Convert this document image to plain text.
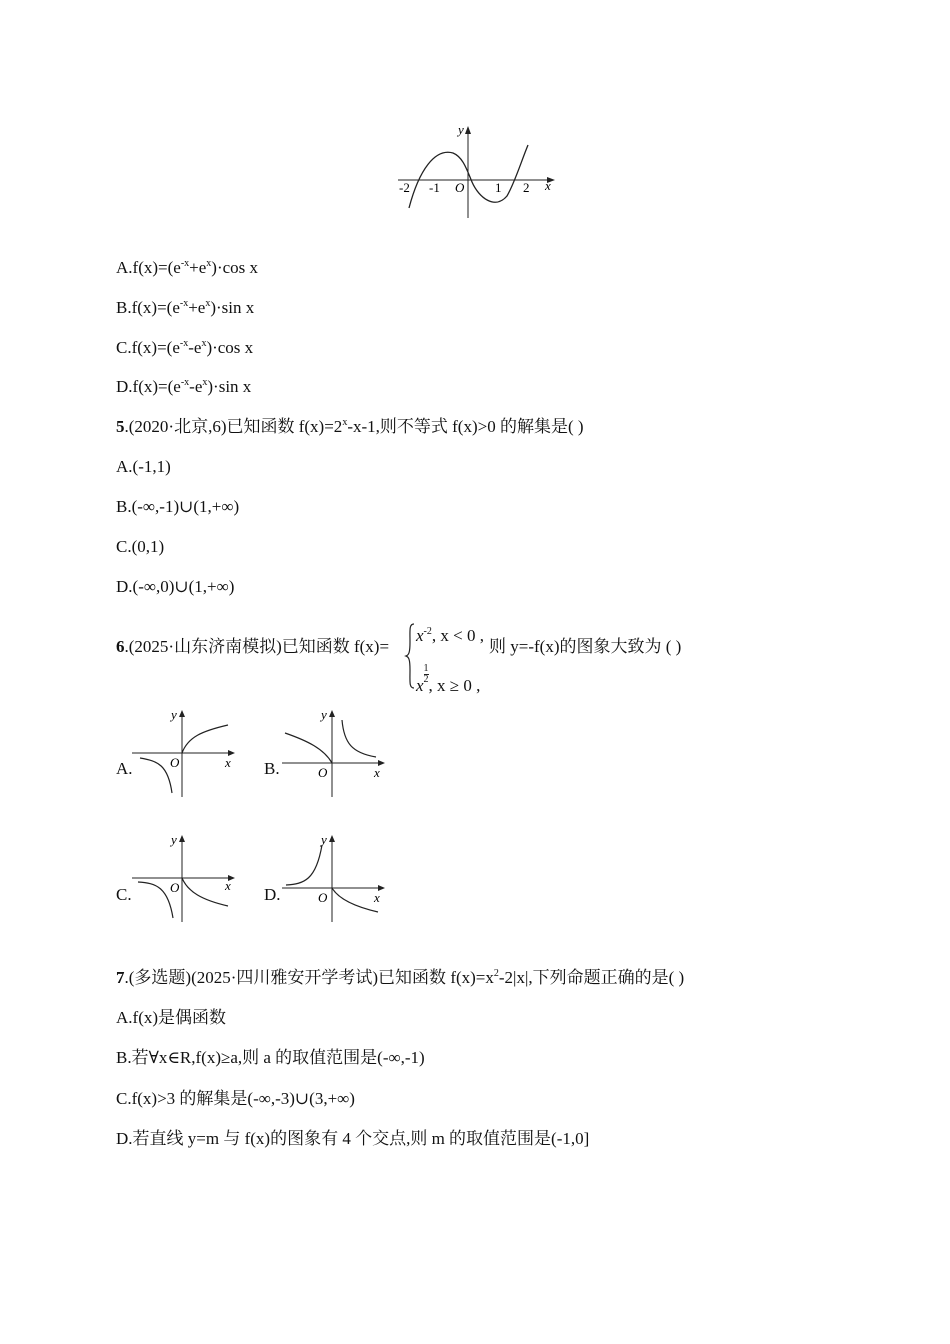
-2 -1 O 1 2 x
y
$A.f(x)=(e^{-x}+e^x)\cdot\cos$ x
$B.f(x)=(e^{-x}+e^x)\cdot\sin$ x
$C.f(x)=(e^{-x}-e^x)\cdot\cos$ x
$D.f(x)=(e^{-x}-e^x)\cdot\sin$ x
5.(2020·北京,6)已知函数 $f(x)=2^x-x-1$,则不等式 f(x)>0 的解集是( )
A.(-1,1)
B.(-∞,-1)∪(1,+∞)
C.(0,1)
D.(-∞,0)∪(1,+∞)
6.(2025·山东济南模拟)已知函数 f(x)=
$x^{-2}$, x < 0 ,
x
$\frac{1}{2}$
, x ≥ 0 ,
则 y=-f(x)的图象大致为 ( )
A.	B.
C.	D.
y
x
O
y
x
O
y
x
O
y
x
O
7.(多选题)(2025·四川雅安开学考试)已知函数 $f(x)=x^2-2|x|$,下列命题正确的是( )
A.f(x)是偶函数
B.若∀x∈R,f(x)≥a,则 a 的取值范围是(-∞,-1)
C.f(x)>3 的解集是(-∞,-3)∪(3,+∞)
D.若直线 y=m 与 f(x)的图象有 4 个交点,则 m 的取值范围是(-1,0]
